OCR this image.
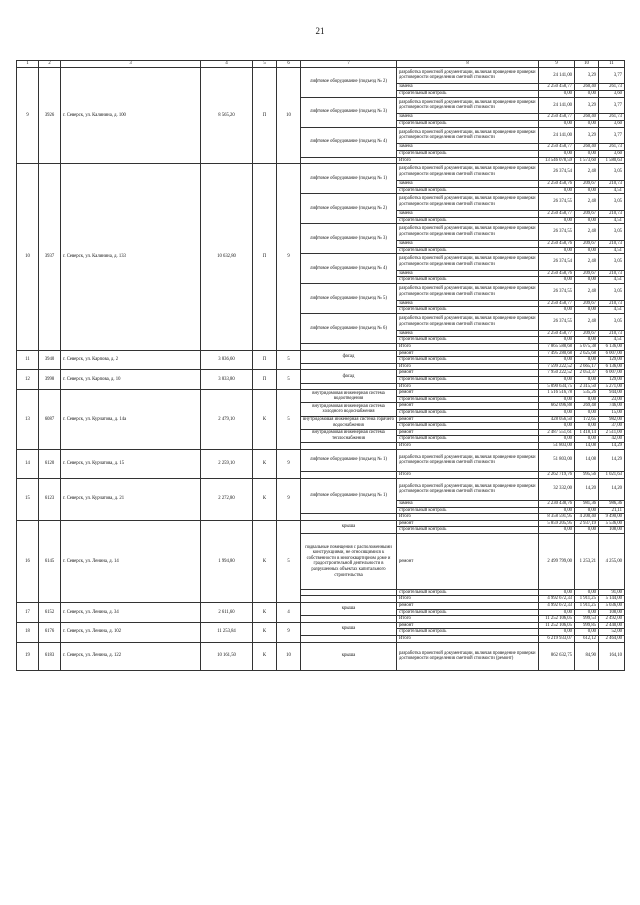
21
1	2	3	4	5	6	7	8	9	10	11
9	3926	г. Северск, ул. Калинина, д. 100	8 565,20	П	10	лифтовое оборудование (подъезд № 2)	разработка проектной документации, включая проведение проверки достоверности определения сметной стоимости	24 141,00	3,29	3,77
							замена	2 250 458,77	260,40	261,73
							строительный контроль	0,00	0,00	3,60
						лифтовое оборудование (подъезд № 3)	разработка проектной документации, включая проведение проверки достоверности определения сметной стоимости	24 141,00	3,29	3,77
							замена	2 250 458,77	260,40	261,73
							строительный контроль	0,00	0,00	3,60
						лифтовое оборудование (подъезд № 4)	разработка проектной документации, включая проведение проверки достоверности определения сметной стоимости	24 141,00	3,29	3,77
							замена	2 250 458,77	260,40	261,73
							строительный контроль	0,00	0,00	3,60
							Итого	13 546 078,59	1 573,60	1 580,63
10	3937	г. Северск, ул. Калинина, д. 133	10 632,80	П	9	лифтовое оборудование (подъезд № 1)	разработка проектной документации, включая проведение проверки достоверности определения сметной стоимости	26 374,54	2,48	3,05
							замена	2 250 458,76	209,67	210,73
							строительный контроль	0,00	0,00	4,51
						лифтовое оборудование (подъезд № 2)	разработка проектной документации, включая проведение проверки достоверности определения сметной стоимости	26 374,55	2,48	3,05
							замена	2 250 458,77	209,67	210,73
							строительный контроль	0,00	0,00	4,51
						лифтовое оборудование (подъезд № 3)	разработка проектной документации, включая проведение проверки достоверности определения сметной стоимости	26 374,55	2,48	3,05
							замена	2 250 458,76	209,67	210,73
							строительный контроль	0,00	0,00	4,51
						лифтовое оборудование (подъезд № 4)	разработка проектной документации, включая проведение проверки достоверности определения сметной стоимости	26 374,54	2,48	3,05
							замена	2 250 458,76	209,67	210,73
							строительный контроль	0,00	0,00	4,51
						лифтовое оборудование (подъезд № 5)	разработка проектной документации, включая проведение проверки достоверности определения сметной стоимости	26 374,55	2,48	3,05
							замена	2 250 458,77	209,67	210,73
							строительный контроль	0,00	0,00	4,51
						лифтовое оборудование (подъезд № 6)	разработка проектной документации, включая проведение проверки достоверности определения сметной стоимости	26 374,55	2,48	3,05
							замена	2 250 458,77	209,67	210,73
							строительный контроль	0,00	0,00	4,51
							Итого	7 865 588,68	5 075,38	6 136,00
11	3940	г. Северск, ул. Карпова, д. 2	3 836,60	П	5	фасад	ремонт	7 495 280,68	2 625,68	6 007,00
							строительный контроль	0,00	0,00	129,00
							Итого	7 599 222,52	2 665,17	6 136,00
12	3998	г. Северск, ул. Карпова, д. 10	3 833,80	П	5	фасад	ремонт	7 950 222,52	2 053,37	6 007,00
							строительный контроль	0,00	0,00	129,00
							Итого	5 090 634,75	2 315,50	5 271,00
13	6087	г. Северск, ул. Курчатова, д. 14а	2 479,10	К	5	внутридомовая инженерная система водоотведения	ремонт	1 516 516,78	535,26	944,00
							строительный контроль	0,00	0,00	23,00
						внутридомовая инженерная система холодного водоснабжения	ремонт	662 096,88	269,48	746,00
							строительный контроль	0,00	0,00	15,00
						внутридомовая инженерная система горячего водоснабжения	ремонт	428 056,50	172,65	982,00
							строительный контроль	0,00	0,00	37,00
						внутридомовая инженерная система теплоснабжения	ремонт	2 487 551,61	1 418,14	2 511,00
							строительный контроль	0,00	0,00	42,00
							Итого	51 803,00	14,08	14,29
14	6120	г. Северск, ул. Курчатова, д. 15	2 259,10	К	9	лифтовое оборудование (подъезд № 1)	разработка проектной документации, включая проведение проверки достоверности определения сметной стоимости	51 803,00	14,08	14,29
							Итого	2 262 719,76	995,56	1 021,63
15	6123	г. Северск, ул. Курчатова, д. 21	2 272,80	К	9	лифтовое оборудование (подъезд № 1)	разработка проектной документации, включая проведение проверки достоверности определения сметной стоимости	32 332,00	14,20	14,20
							замена	2 230 438,76	981,36	986,36
							строительный контроль	0,00	0,00	21,11
							Итого	8 358 591,95	4 200,40	9 490,00
16	6145	г. Северск, ул. Ленина, д. 14	1 994,80	К	5	крыша	ремонт	5 859 205,95	2 937,19	5 536,00
							строительный контроль	0,00	0,00	108,00
						подвальные помещения с расположенными конструкциями, не относящимися к собственности в многоквартирном доме и градостроительной деятельности в разрушенных объектах капитального строительства	ремонт	2 499 799,00	1 253,21	4 255,00
							строительный контроль	0,00	0,00	91,00
							Итого	4 992 672,33	1 911,25	5 144,00
17	6152	г. Северск, ул. Ленина, д. 34	2 611,60	К	4	крыша	ремонт	4 992 672,33	1 911,25	5 036,00
							строительный контроль	0,00	0,00	108,00
							Итого	11 252 106,05	999,53	2 492,00
18	6176	г. Северск, ул. Ленина, д. 102	11 253,84	К	9	крыша	ремонт	11 252 106,05	999,85	2 440,00
							строительный контроль	0,00	0,00	52,00
							Итого	6 219 933,07	612,12	2 464,00
19	6183	г. Северск, ул. Ленина, д. 122	10 161,50	К	10	крыша	разработка проектной документации, включая проведение проверки достоверности определения сметной стоимости (ремонт)	862 632,75	84,90	164,10
